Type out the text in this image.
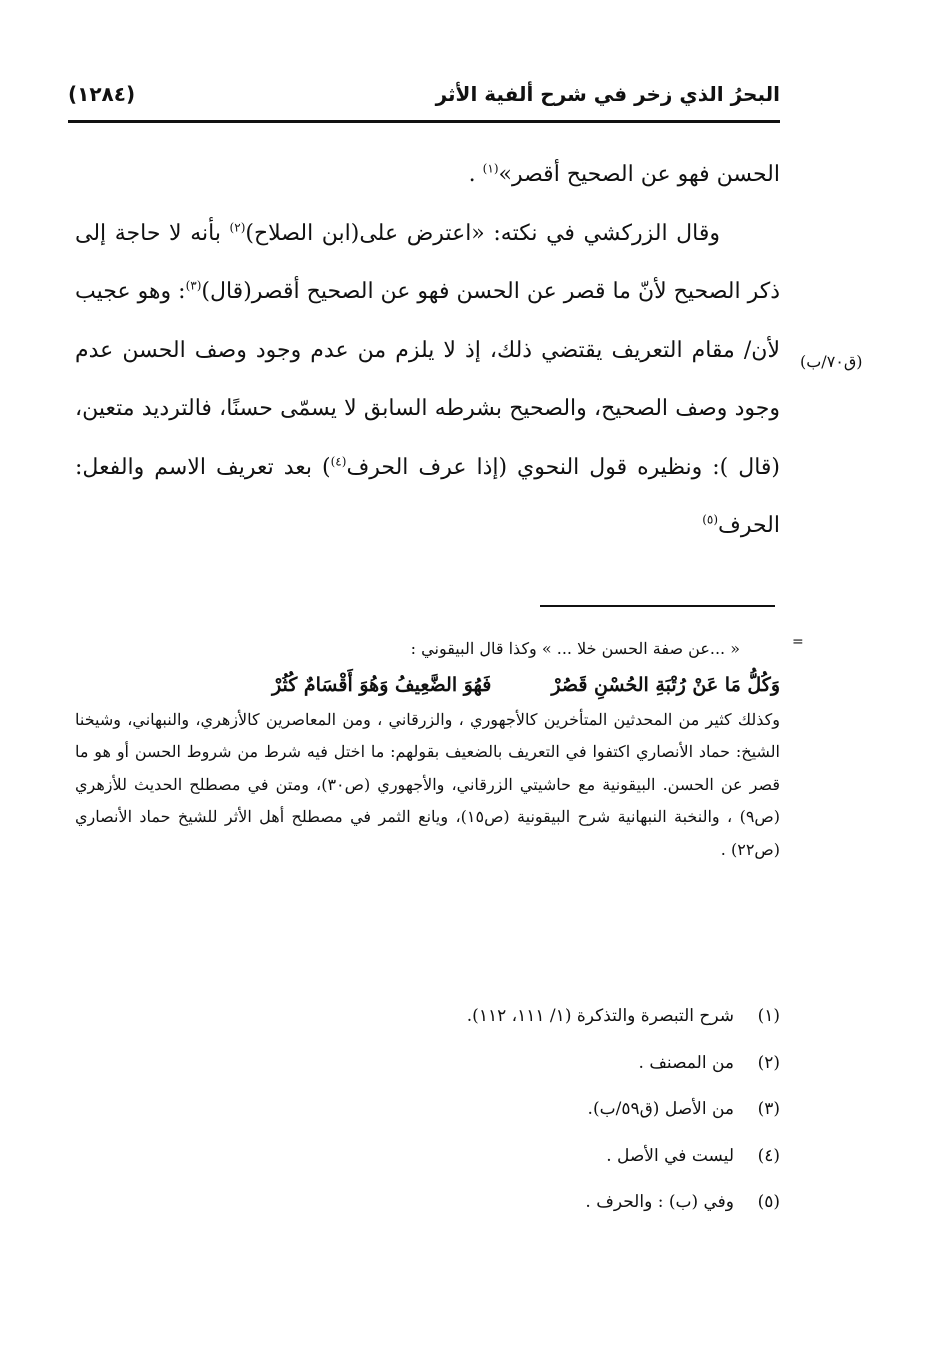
البحرُ الذي زخر في شرح ألفية الأثر
(١٢٨٤)
(ق٧٠/ب)

الحسن فهو عن الصحيح أقصر»$^{(١)}$ .

وقال الزركشي في نكته: «اعترض على(ابن الصلاح)$^{(٢)}$ بأنه لا حاجة إلى ذكر الصحيح لأنّ ما قصر عن الحسن فهو عن الصحيح أقصر(قال)$^{(٣)}$: وهو عجيب لأن/ مقام التعريف يقتضي ذلك، إذ لا يلزم من عدم وجود وصف الحسن عدم وجود وصف الصحيح، والصحيح بشرطه السابق لا يسمّى حسنًا، فالترديد متعين، (قال ): ونظيره قول النحوي (إذا عرف الحرف$^{(٤)}$) بعد تعريف الاسم والفعل: الحرف$^{(٥)}$

=

« ...عن صفة الحسن خلا ... » وكذا قال البيقوني :

وَكُلُّ مَا عَنْ رُتْبَةِ الحُسْنِ قَصُرْ
فَهُوَ الضَّعِيفُ وَهُوَ أَقْسَامٌ كُثُرْ

وكذلك كثير من المحدثين المتأخرين كالأجهوري ، والزرقاني ، ومن المعاصرين كالأزهري، والنبهاني، وشيخنا الشيخ: حماد الأنصاري اكتفوا في التعريف بالضعيف بقولهم: ما اختل فيه شرط من شروط الحسن أو هو ما قصر عن الحسن. البيقونية مع حاشيتي الزرقاني، والأجهوري (ص٣٠)، ومتن في مصطلح الحديث للأزهري (ص٩) ، والنخبة النبهانية شرح البيقونية (ص١٥)، ويانع الثمر في مصطلح أهل الأثر للشيخ حماد الأنصاري (ص٢٢) .

(١)
شرح التبصرة والتذكرة (١/ ١١١، ١١٢).
(٢)
من المصنف .
(٣)
من الأصل (ق٥٩/ب).
(٤)
ليست في الأصل .
(٥)
وفي (ب) : والحرف .
